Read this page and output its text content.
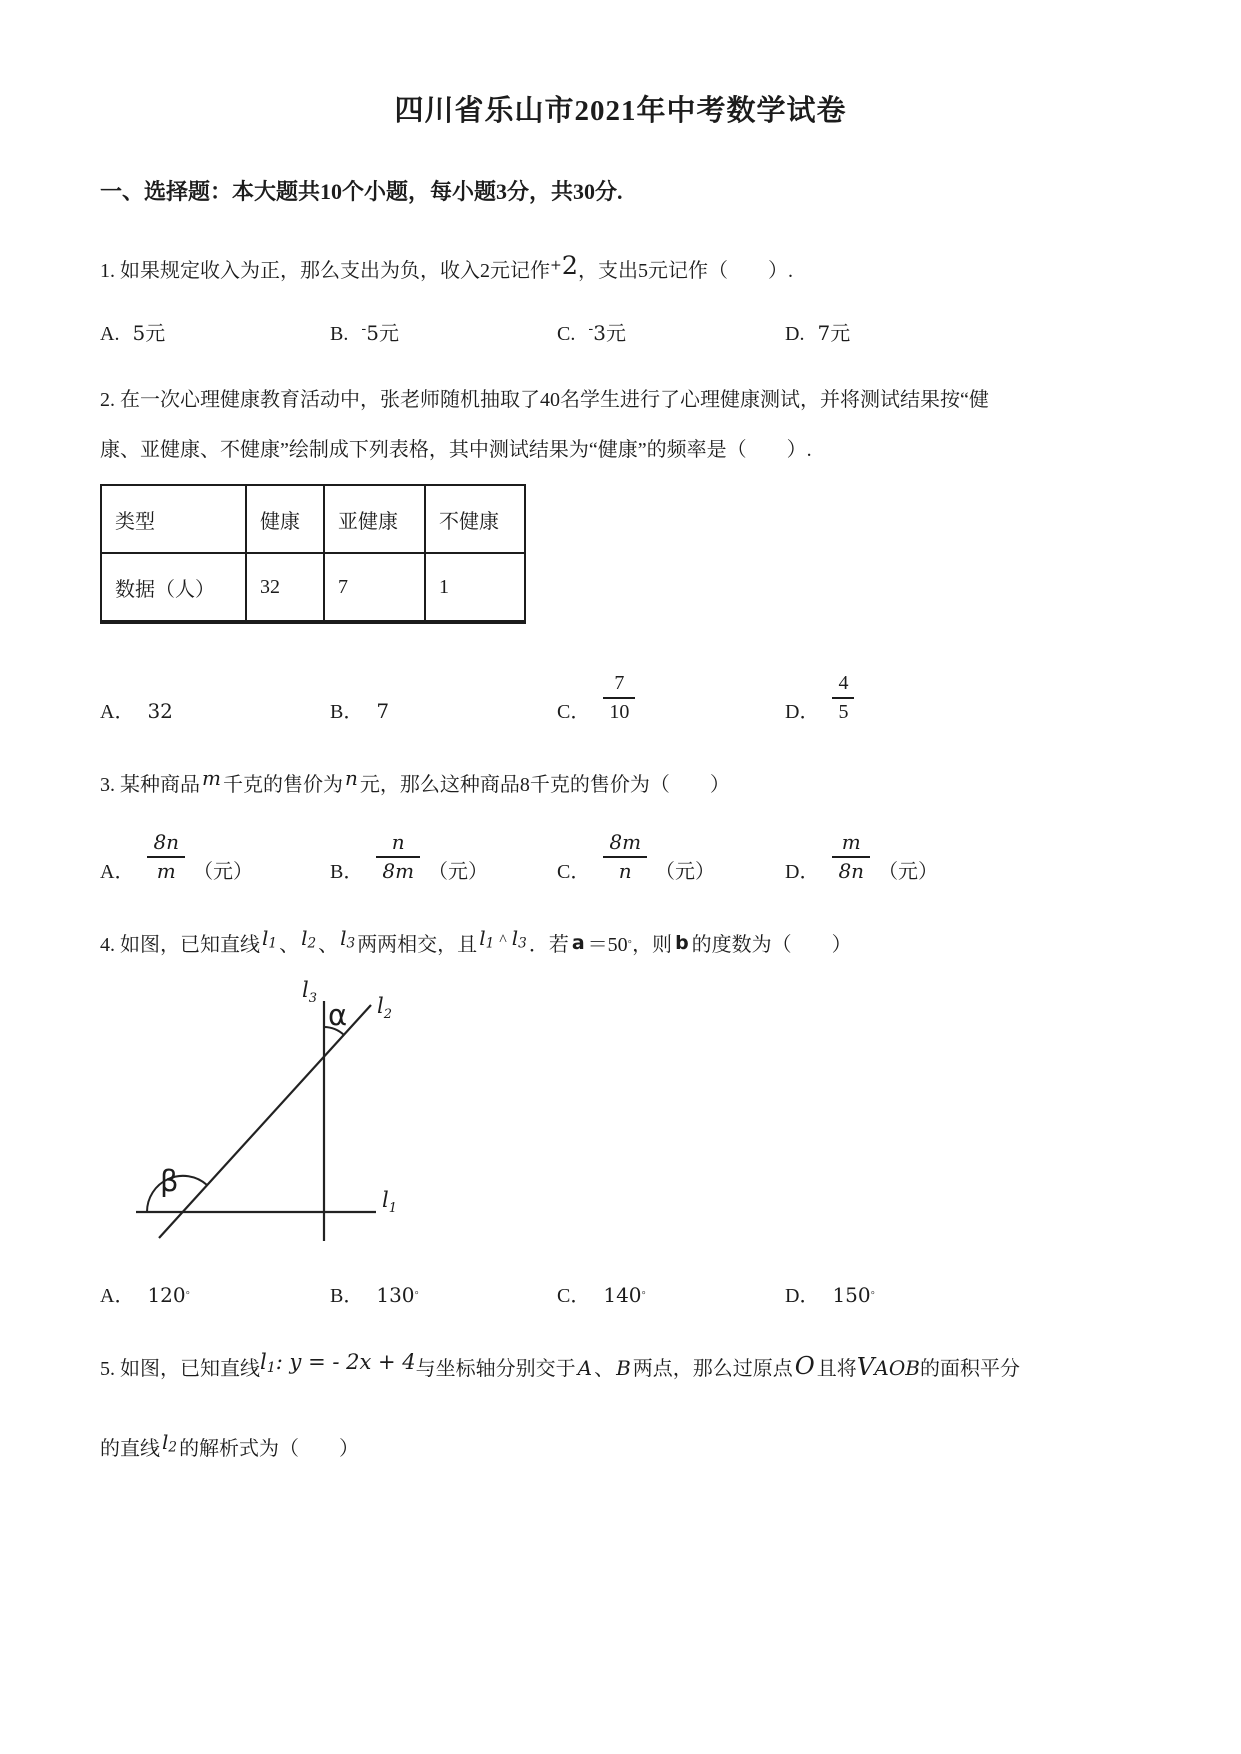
四川省乐山市2021年中考数学试卷
一、选择题：本大题共10个小题，每小题3分，共30分.

1. 如果规定收入为正，那么支出为负，收入2元记作+2，支出5元记作（　　）.

A. 5元	B. -5元	C. -3元	D. 7元

2. 在一次心理健康教育活动中，张老师随机抽取了40名学生进行了心理健康测试，并将测试结果按“健

康、亚健康、不健康”绘制成下列表格，其中测试结果为“健康”的频率是（　　）.

类型	健康	亚健康	不健康
数据（人）	32	7	1
A． 32	B． 7	C． $\frac{7}{10}$	D． $\frac{4}{5}$

3. 某种商品 m 千克的售价为 n 元，那么这种商品8千克的售价为（　　）

A． $\frac{8n}{m}$ （元）	B． $\frac{n}{8m}$ （元）	C． $\frac{8m}{n}$ （元）	D． $\frac{m}{8n}$ （元）

4. 如图，已知直线 $l_1$ 、 $l_2$ 、 $l_3$ 两两相交，且 $l_1$ ^ $l_3$ ．若 a ＝50◦，则 b 的度数为（　　）

α
β
$l_3$	$l_2$
$l_1$
A． 120◦	B． 130◦	C． 140◦	D． 150◦

5. 如图，已知直线$l_1$: y = - 2x + 4与坐标轴分别交于 A 、 B 两点，那么过原点O 且将VAOB的面积平分

的直线 $l_2$ 的解析式为（　　）
